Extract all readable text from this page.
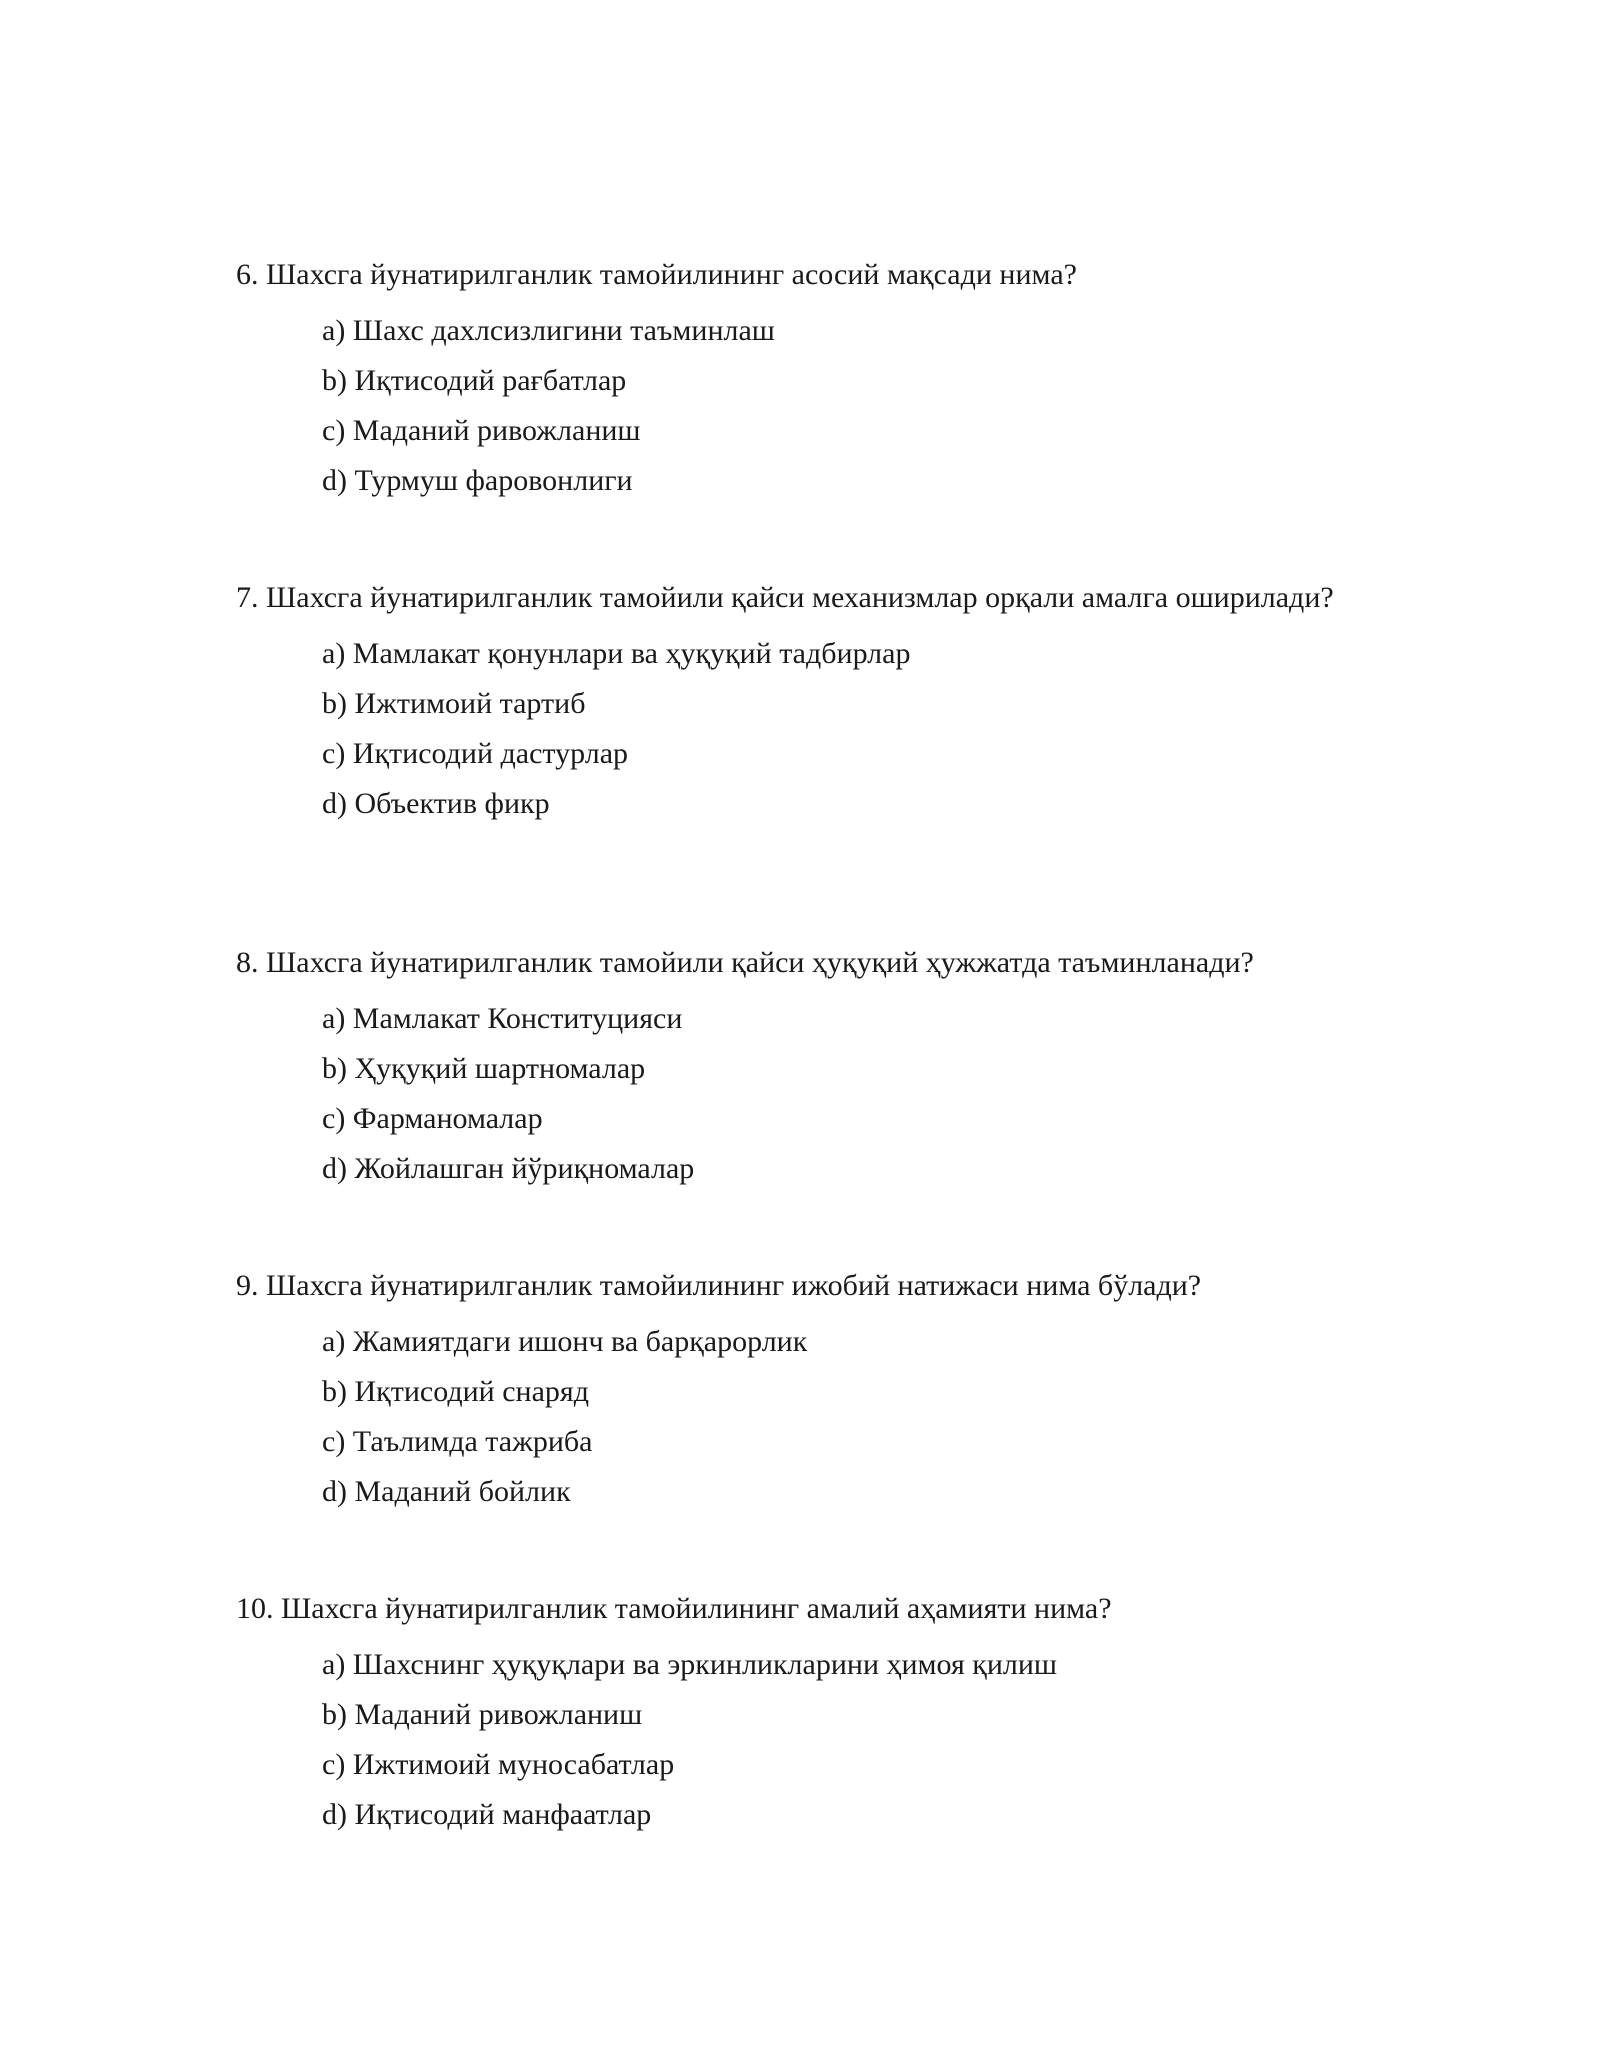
6. Шахсга йунатирилганлик тамойилининг асосий мақсади нима?

a) Шахс дахлсизлигини таъминлаш
b) Иқтисодий рағбатлар
c) Маданий ривожланиш
d) Турмуш фаровонлиги

7. Шахсга йунатирилганлик тамойили қайси механизмлар орқали амалга оширилади?

a) Мамлакат қонунлари ва ҳуқуқий тадбирлар
b) Ижтимоий тартиб
c) Иқтисодий дастурлар
d) Объектив фикр

8. Шахсга йунатирилганлик тамойили қайси ҳуқуқий ҳужжатда таъминланади?

a) Мамлакат Конституцияси
b) Ҳуқуқий шартномалар
c) Фарманомалар
d) Жойлашган йўриқномалар

9. Шахсга йунатирилганлик тамойилининг ижобий натижаси нима бўлади?

a) Жамиятдаги ишонч ва барқарорлик
b) Иқтисодий снаряд
c) Таълимда тажриба
d) Маданий бойлик

10. Шахсга йунатирилганлик тамойилининг амалий аҳамияти нима?

a) Шахснинг ҳуқуқлари ва эркинликларини ҳимоя қилиш
b) Маданий ривожланиш
c) Ижтимоий муносабатлар
d) Иқтисодий манфаатлар
